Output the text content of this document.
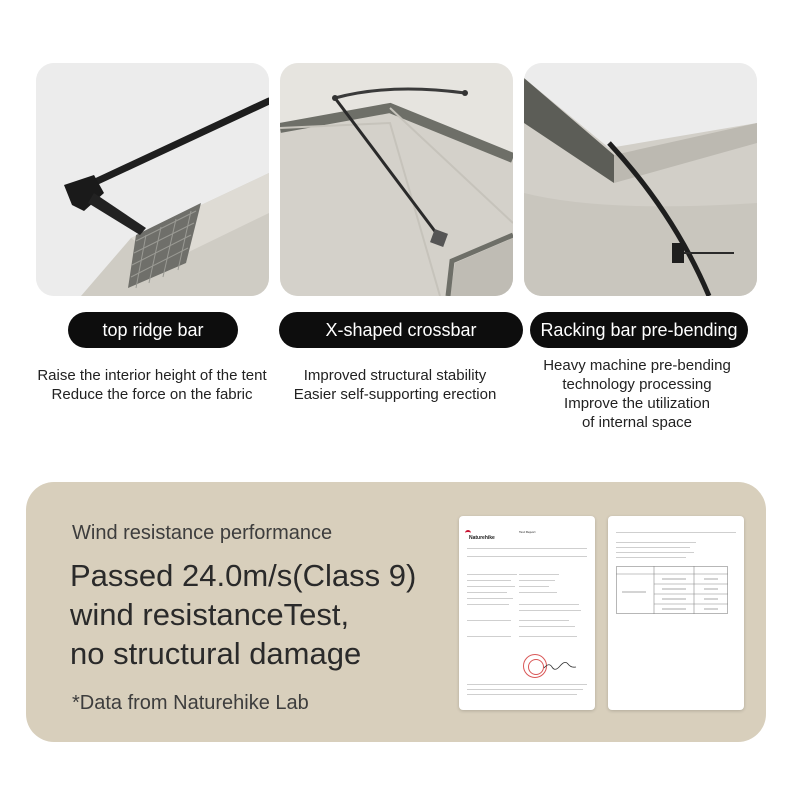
top ridge bar	X-shaped crossbar	Racking bar pre-bending
Raise the interior height of the tent
Reduce the force on the fabric
Improved structural stability
Easier self-supporting erection
Heavy machine pre-bending
technology processing
Improve the utilization
of internal space
Wind resistance performance
Passed 24.0m/s(Class 9)
wind resistanceTest,
no structural damage
*Data from Naturehike Lab
Naturehike
Test Report
